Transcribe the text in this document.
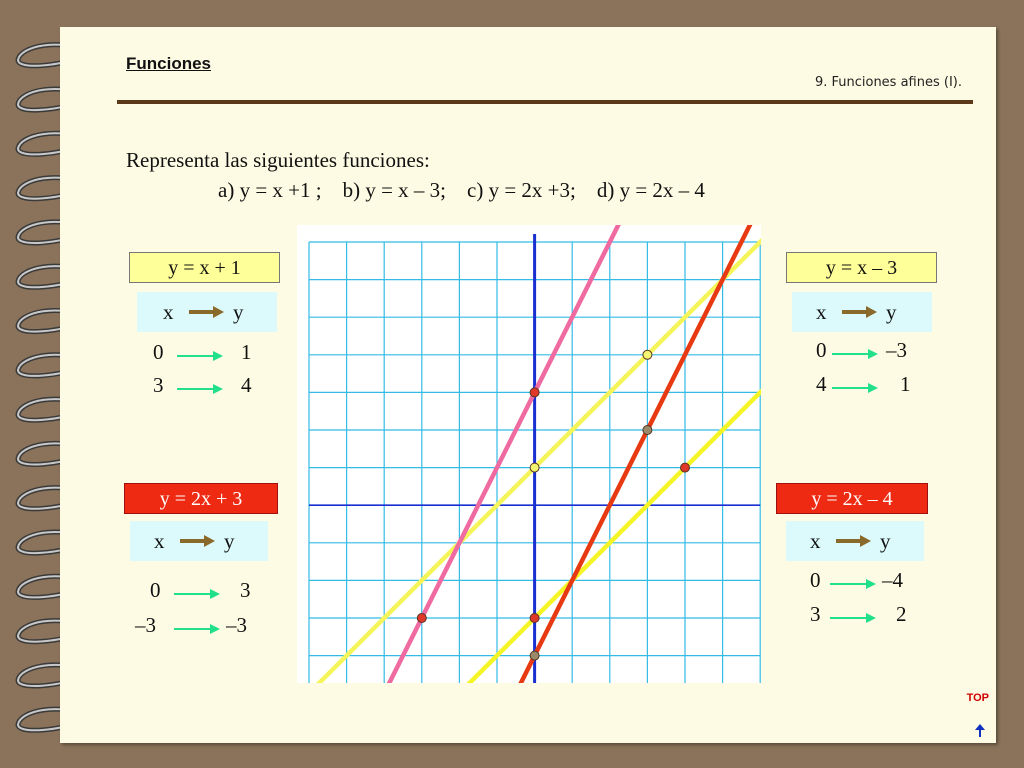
Funciones
9. Funciones afines (I).
Representa las siguientes funciones:
a) y = x +1 ;    b) y = x – 3;    c) y = 2x +3;    d) y = 2x – 4
y = x + 1
x	y
0	1
3	4
y = x – 3
x	y
0	–3
4	1
y = 2x + 3
x	y
0	3
–3	–3
y = 2x – 4
x	y
0	–4
3	2
TOP
